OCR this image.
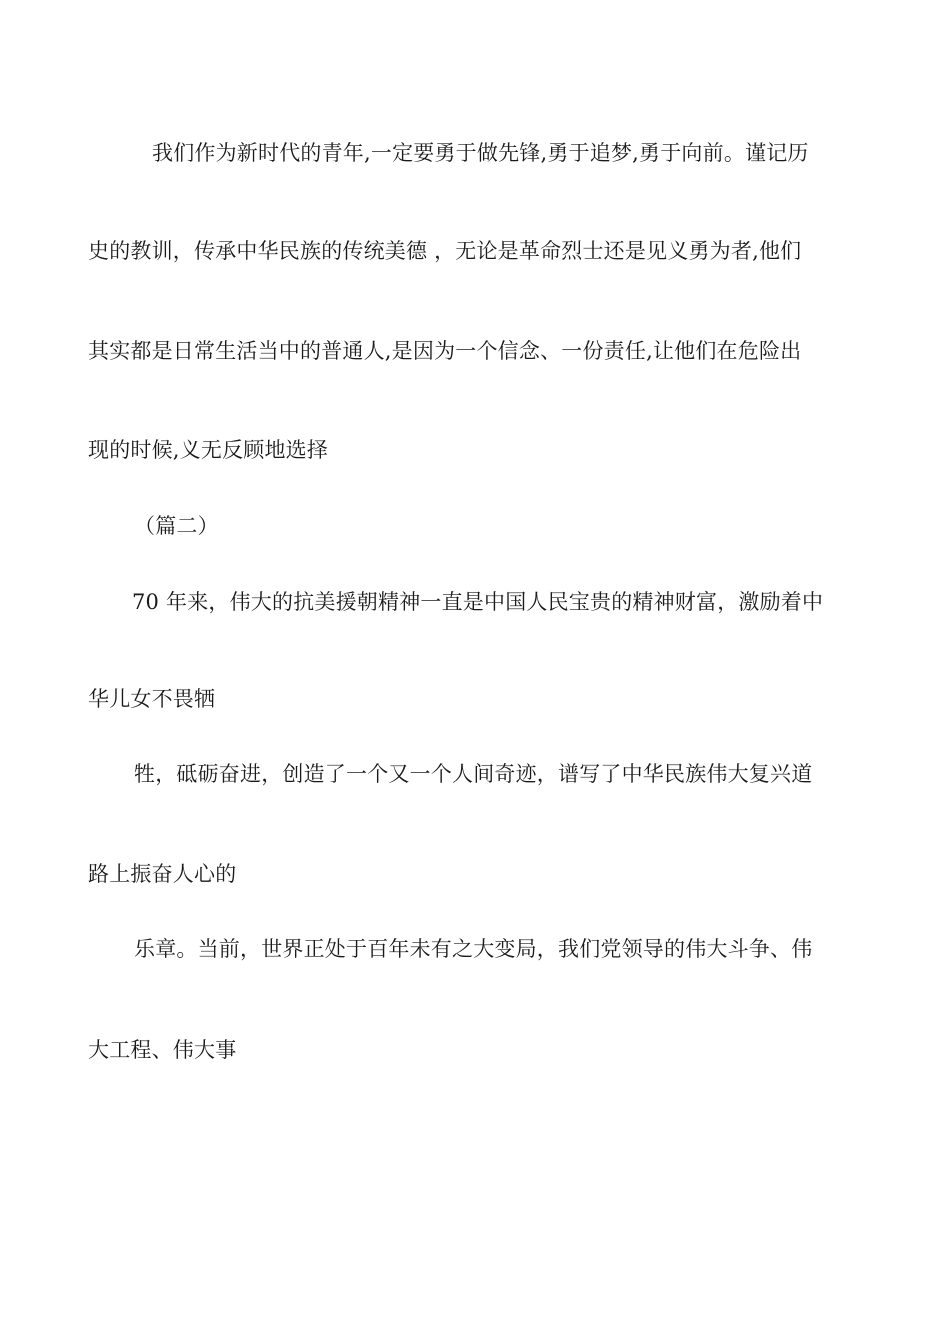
我们作为新时代的青年,一定要勇于做先锋,勇于追梦,勇于向前。谨记历
史的教训，传承中华民族的传统美德 ，无论是革命烈士还是见义勇为者,他们
其实都是日常生活当中的普通人,是因为一个信念、一份责任,让他们在危险出
现的时候,义无反顾地选择
（篇二）
70 年来，伟大的抗美援朝精神一直是中国人民宝贵的精神财富，激励着中
华儿女不畏牺
牲，砥砺奋进，创造了一个又一个人间奇迹，谱写了中华民族伟大复兴道
路上振奋人心的
乐章。当前，世界正处于百年未有之大变局，我们党领导的伟大斗争、伟
大工程、伟大事
